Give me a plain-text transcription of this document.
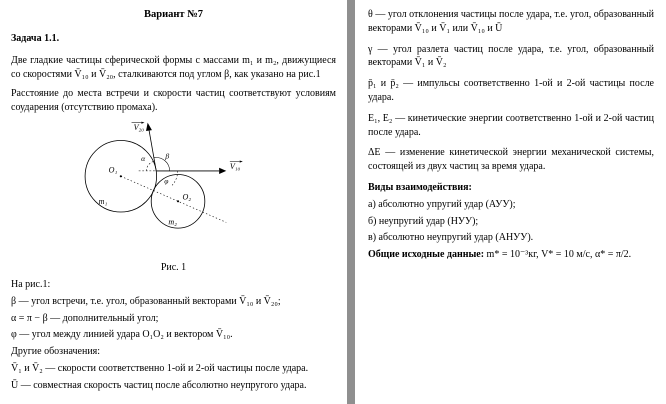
Вариант №7
Задача 1.1.

Две гладкие частицы сферической формы с массами m₁ и m₂, движущиеся со скоростями V̄₁₀ и V̄₂₀, сталкиваются под углом β, как указано на рис.1

Расстояние до места встречи и скорости частиц соответствуют условиям соударения (отсутствию промаха).

V₂₀
V₁₀
O₁
m₁	O₂
m₂
α β
φ
Рис. 1

На рис.1:

β — угол встречи, т.е. угол, образованный векторами V̄₁₀ и V̄₂₀;

α = π − β — дополнительный угол;

φ — угол между линией удара O₁O₂ и вектором V̄₁₀.

Другие обозначения:

V̄₁ и V̄₂ — скорости соответственно 1-ой и 2-ой частицы после удара.

Ū — совместная скорость частиц после абсолютно неупругого удара.

θ — угол отклонения частицы после удара, т.е. угол, образованный векторами V̄₁₀ и V̄₁ или V̄₁₀ и Ū

γ — угол разлета частиц после удара, т.е. угол, образованный векторами V̄₁ и V̄₂

p̄₁ и p̄₂ — импульсы соответственно 1-ой и 2-ой частицы после удара.

E₁, E₂ — кинетические энергии соответственно 1-ой и 2-ой частиц после удара.

ΔE — изменение кинетической энергии механической системы, состоящей из двух частиц за время удара.

Виды взаимодействия:

а) абсолютно упругий удар (АУУ);

б) неупругий удар (НУУ);

в) абсолютно неупругий удар (АНУУ).

Общие исходные данные: m* = 10⁻³кг, V* = 10 м/с, α* = π/2.
